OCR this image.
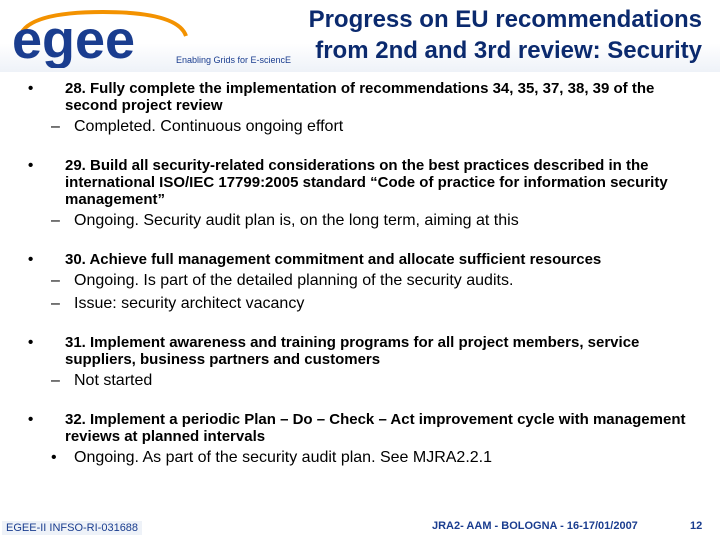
egee	Enabling Grids for E-sciencE
Progress on EU recommendations
from 2nd and 3rd review: Security
• 28. Fully complete the implementation of recommendations 34, 35, 37, 38, 39 of the second project review
– Completed. Continuous ongoing effort
• 29. Build all security-related considerations on the best practices described in the international ISO/IEC 17799:2005 standard “Code of practice for information security management”
– Ongoing. Security audit plan is, on the long term, aiming at this
• 30. Achieve full management commitment and allocate sufficient resources
– Ongoing. Is part of the detailed planning of the security audits.
– Issue: security architect vacancy
• 31. Implement awareness and training programs for all project members, service suppliers, business partners and customers
– Not started
• 32. Implement a periodic Plan – Do – Check – Act improvement cycle with management reviews at planned intervals
• Ongoing. As part of the security audit plan. See MJRA2.2.1
EGEE-II INFSO-RI-031688	JRA2- AAM - BOLOGNA - 16-17/01/2007	12
